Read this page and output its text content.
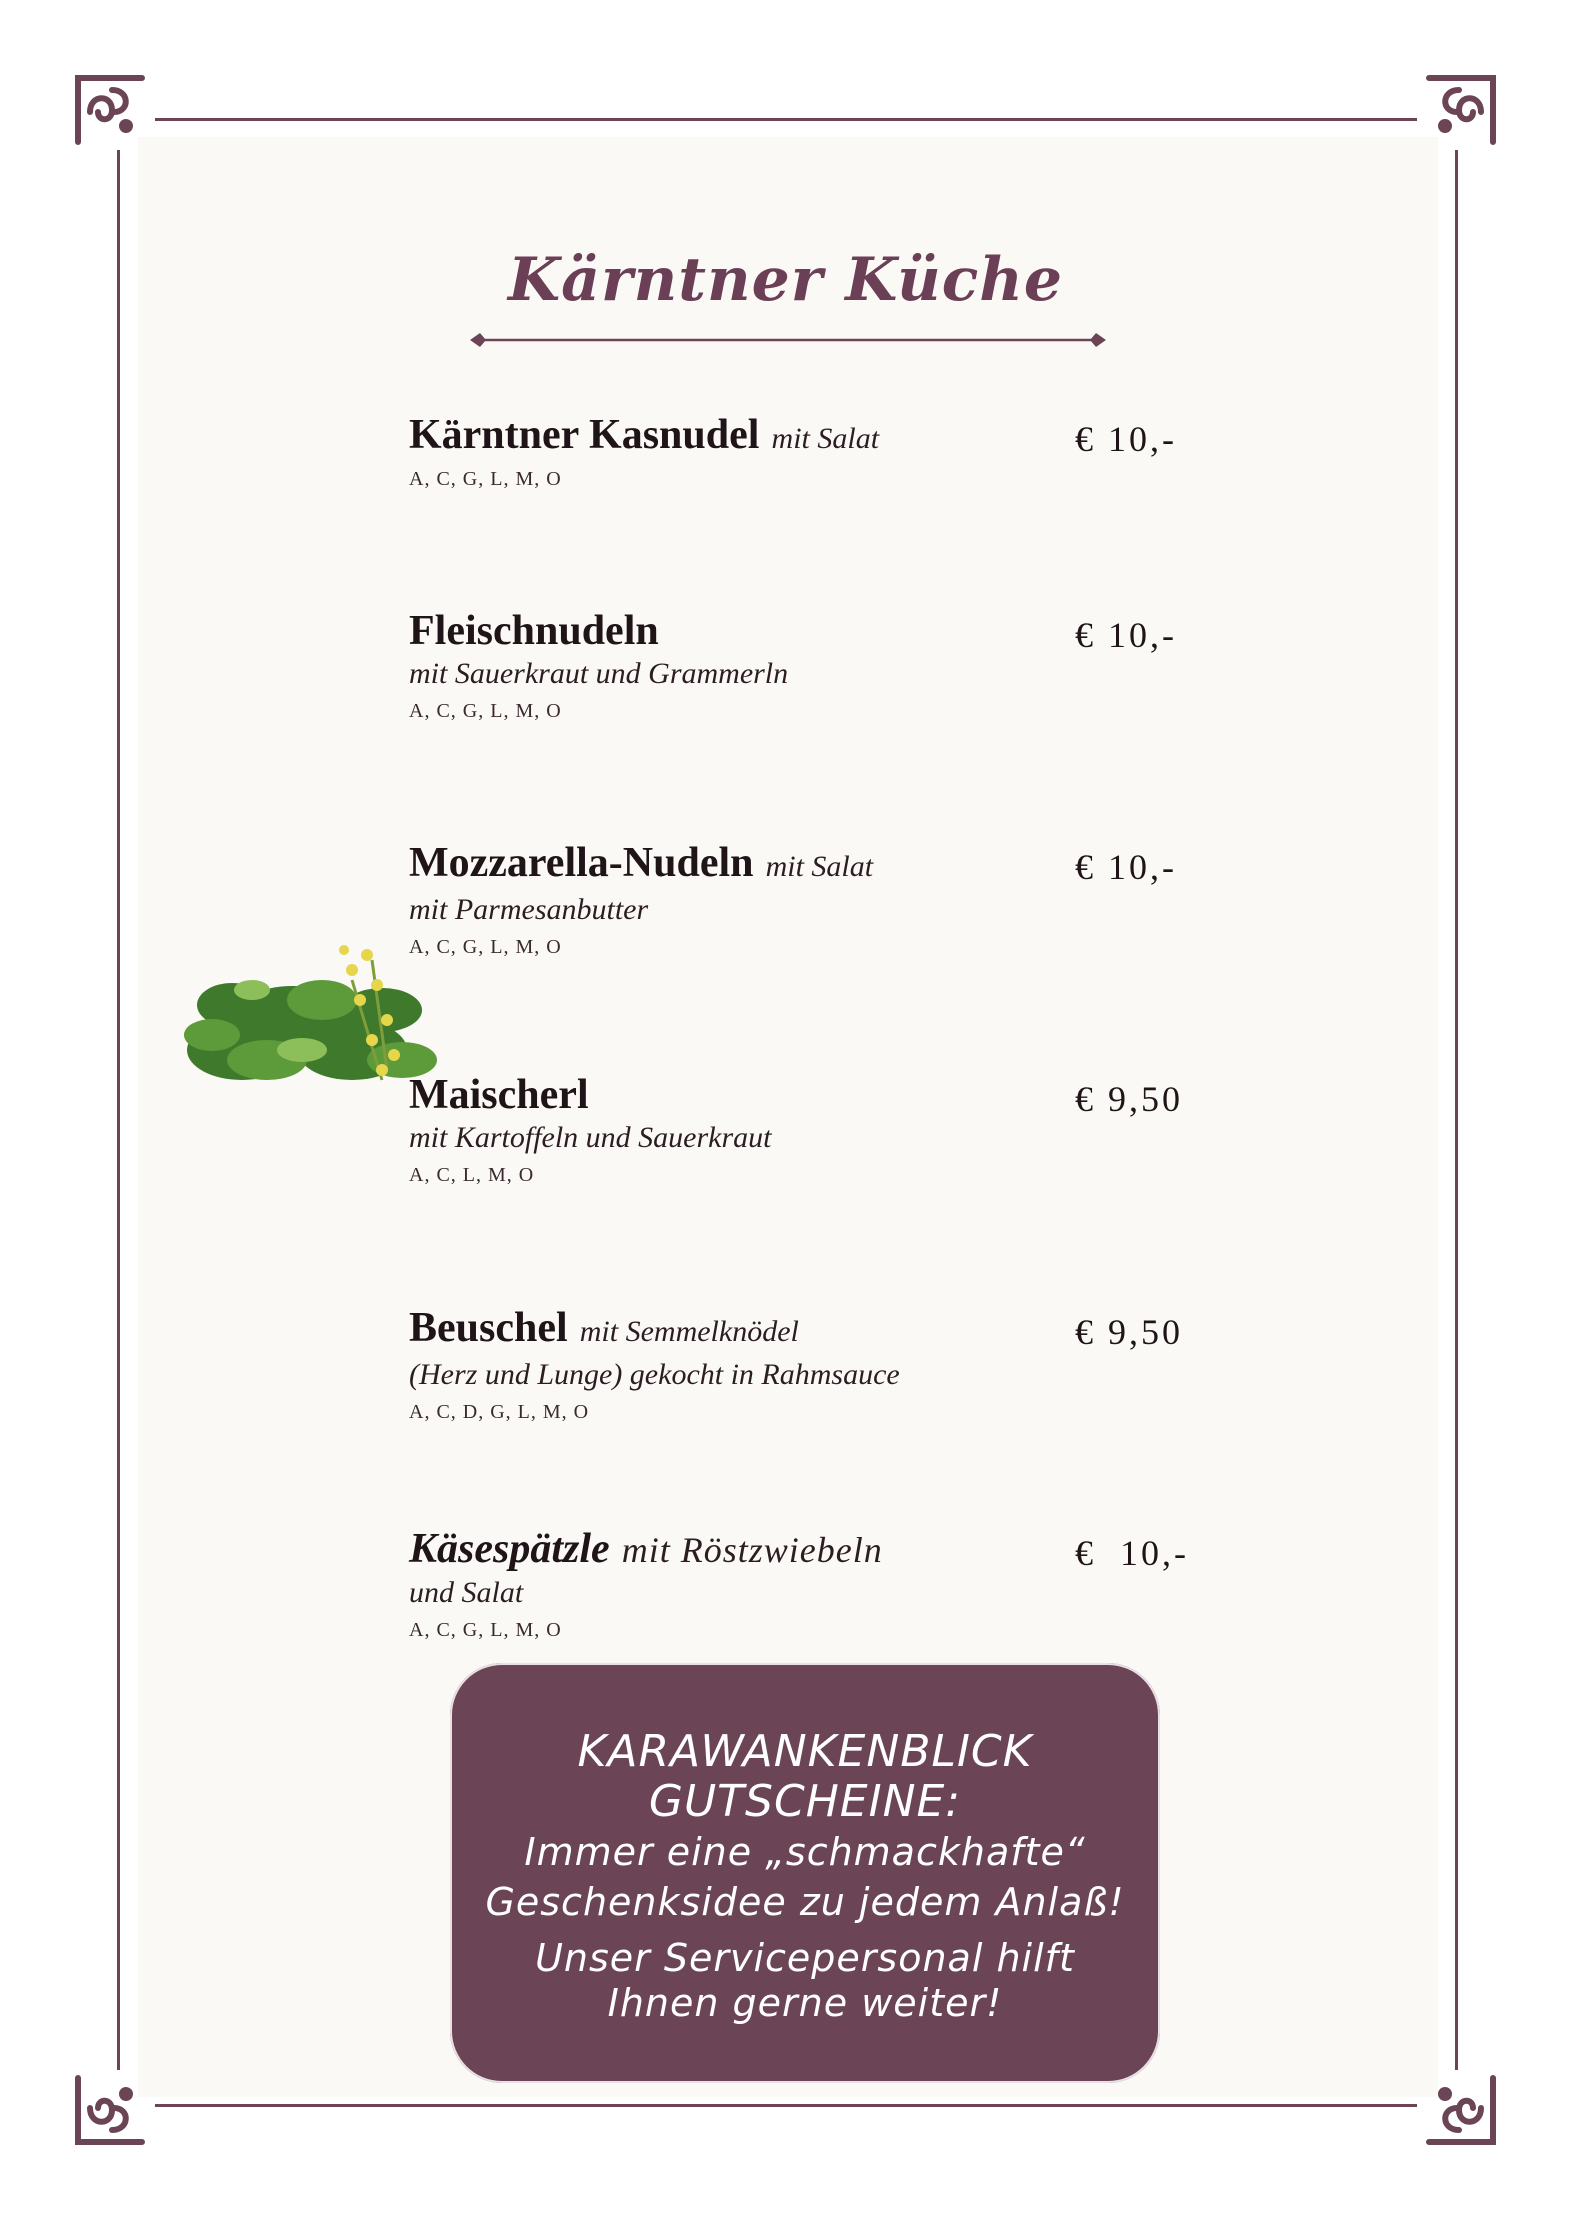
Kärntner Küche
Kärntner Kasnudel mit Salat
A, C, G, L, M, O
€ 10,-
Fleischnudeln
mit Sauerkraut und Grammerln
A, C, G, L, M, O
€ 10,-
Mozzarella-Nudeln mit Salat
mit Parmesanbutter
A, C, G, L, M, O
€ 10,-
Maischerl
mit Kartoffeln und Sauerkraut
A, C, L, M, O
€ 9,50
Beuschel mit Semmelknödel
(Herz und Lunge) gekocht in Rahmsauce
A, C, D, G, L, M, O
€ 9,50
Käsespätzle mit Röstzwiebeln
und Salat
A, C, G, L, M, O
€  10,-
KARAWANKENBLICK
GUTSCHEINE:
Immer eine „schmackhafte“
Geschenksidee zu jedem Anlaß!
Unser Servicepersonal hilft
Ihnen gerne weiter!
